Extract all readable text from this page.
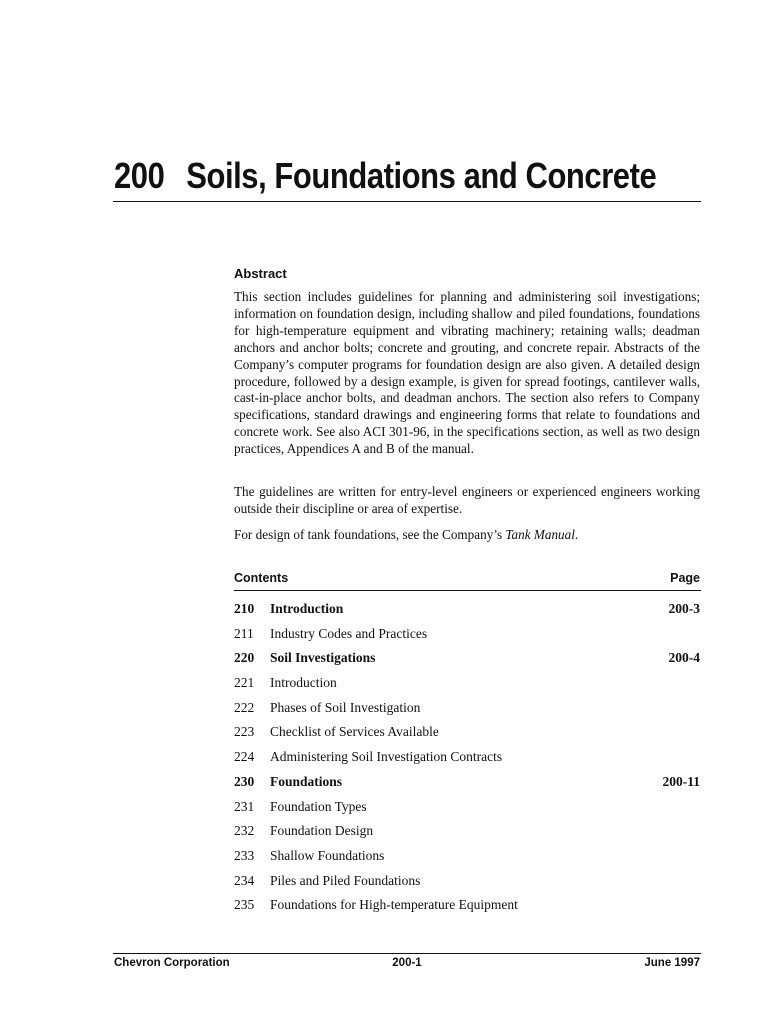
200 Soils, Foundations and Concrete
Abstract

This section includes guidelines for planning and administering soil investigations; information on foundation design, including shallow and piled foundations, foundations for high-temperature equipment and vibrating machinery; retaining walls; deadman anchors and anchor bolts; concrete and grouting, and concrete repair. Abstracts of the Company’s computer programs for foundation design are also given. A detailed design procedure, followed by a design example, is given for spread footings, cantilever walls, cast-in-place anchor bolts, and deadman anchors. The section also refers to Company specifications, standard drawings and engineering forms that relate to foundations and concrete work. See also ACI 301-96, in the specifications section, as well as two design practices, Appendices A and B of the manual.

The guidelines are written for entry-level engineers or experienced engineers working outside their discipline or area of expertise.

For design of tank foundations, see the Company’s Tank Manual.

Contents	Page
210 Introduction	200-3
211 Industry Codes and Practices
220 Soil Investigations	200-4
221 Introduction
222 Phases of Soil Investigation
223 Checklist of Services Available
224 Administering Soil Investigation Contracts
230 Foundations	200-11
231 Foundation Types
232 Foundation Design
233 Shallow Foundations
234 Piles and Piled Foundations
235 Foundations for High-temperature Equipment
Chevron Corporation	200-1	June 1997
